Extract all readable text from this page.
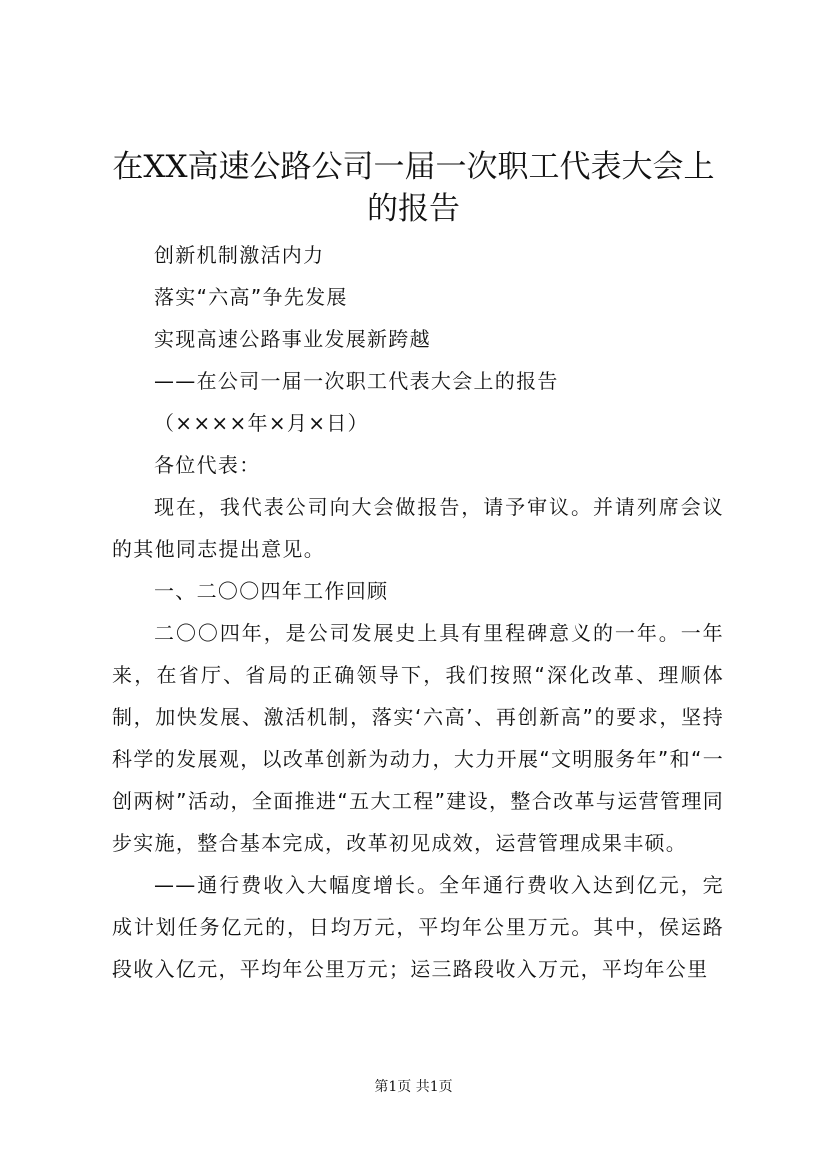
在XX高速公路公司一届一次职工代表大会上的报告

创新机制激活内力

落实“六高”争先发展

实现高速公路事业发展新跨越

——在公司一届一次职工代表大会上的报告

（××××年×月×日）

各位代表：

现在，我代表公司向大会做报告，请予审议。并请列席会议的其他同志提出意见。

一、二〇〇四年工作回顾

二〇〇四年，是公司发展史上具有里程碑意义的一年。一年来，在省厅、省局的正确领导下，我们按照“深化改革、理顺体制，加快发展、激活机制，落实‘六高’、再创新高”的要求，坚持科学的发展观，以改革创新为动力，大力开展“文明服务年”和“一创两树”活动，全面推进“五大工程”建设，整合改革与运营管理同步实施，整合基本完成，改革初见成效，运营管理成果丰硕。

——通行费收入大幅度增长。全年通行费收入达到亿元，完成计划任务亿元的，日均万元，平均年公里万元。其中，侯运路段收入亿元，平均年公里万元；运三路段收入万元，平均年公里

第1页 共1页
